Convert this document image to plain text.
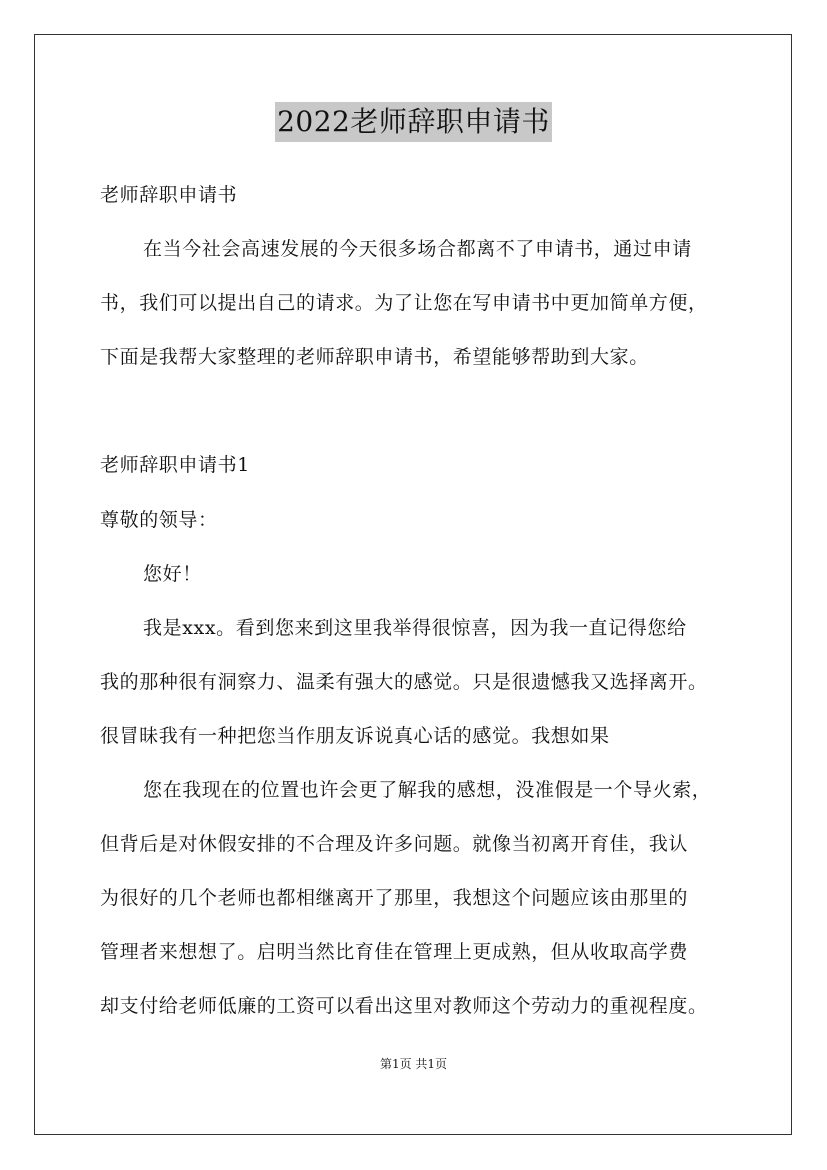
2022老师辞职申请书
老师辞职申请书
在当今社会高速发展的今天很多场合都离不了申请书，通过申请
书，我们可以提出自己的请求。为了让您在写申请书中更加简单方便，
下面是我帮大家整理的老师辞职申请书，希望能够帮助到大家。
老师辞职申请书1
尊敬的领导：
您好！
我是xxx。看到您来到这里我举得很惊喜，因为我一直记得您给
我的那种很有洞察力、温柔有强大的感觉。只是很遗憾我又选择离开。
很冒昧我有一种把您当作朋友诉说真心话的感觉。我想如果
您在我现在的位置也许会更了解我的感想，没准假是一个导火索，
但背后是对休假安排的不合理及许多问题。就像当初离开育佳，我认
为很好的几个老师也都相继离开了那里，我想这个问题应该由那里的
管理者来想想了。启明当然比育佳在管理上更成熟，但从收取高学费
却支付给老师低廉的工资可以看出这里对教师这个劳动力的重视程度。
第1页 共1页
